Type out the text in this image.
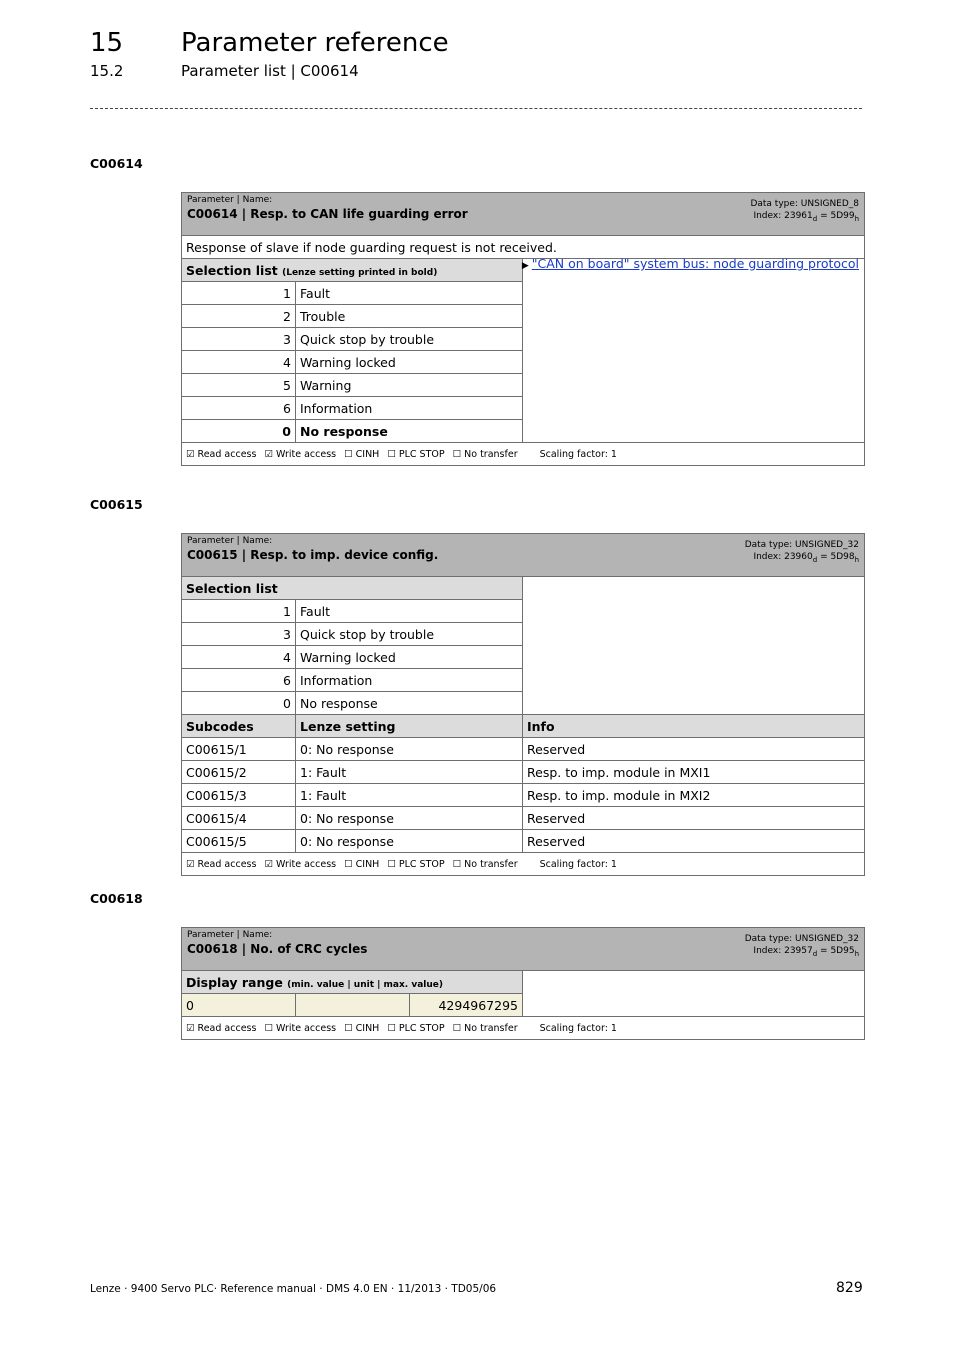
15 Parameter reference
15.2	Parameter list | C00614
C00614
Parameter | Name:
C00614 | Resp. to CAN life guarding error
Data type: UNSIGNED_8
Index: $23961_d = 5D99_h$

Response of slave if node guarding request is not received.
▶ "CAN on board" system bus: node guarding protocol		

Selection list (Lenze setting printed in bold)		
1	Fault	
2	Trouble	
3	Quick stop by trouble	
4	Warning locked	
5	Warning	
6	Information	
0	No response	
☑ Read access ☑ Write access ☐ CINH ☐ PLC STOP ☐ No transfer Scaling factor: 1		
C00615
Parameter | Name:
C00615 | Resp. to imp. device config.
Data type: UNSIGNED_32
Index: $23960_d = 5D98_h$

Selection list		
1	Fault	
3	Quick stop by trouble	
4	Warning locked	
6	Information	
0	No response	
Subcodes	Lenze setting	Info
C00615/1	0: No response	Reserved
C00615/2	1: Fault	Resp. to imp. module in MXI1
C00615/3	1: Fault	Resp. to imp. module in MXI2
C00615/4	0: No response	Reserved
C00615/5	0: No response	Reserved
☑ Read access ☑ Write access ☐ CINH ☐ PLC STOP ☐ No transfer Scaling factor: 1		
C00618
Parameter | Name:
C00618 | No. of CRC cycles
Data type: UNSIGNED_32
Index: $23957_d = 5D95_h$

Display range (min. value | unit | max. value)			
0		4294967295	
☑ Read access ☐ Write access ☐ CINH ☐ PLC STOP ☐ No transfer Scaling factor: 1			
Lenze · 9400 Servo PLC· Reference manual · DMS 4.0 EN · 11/2013 · TD05/06	829
